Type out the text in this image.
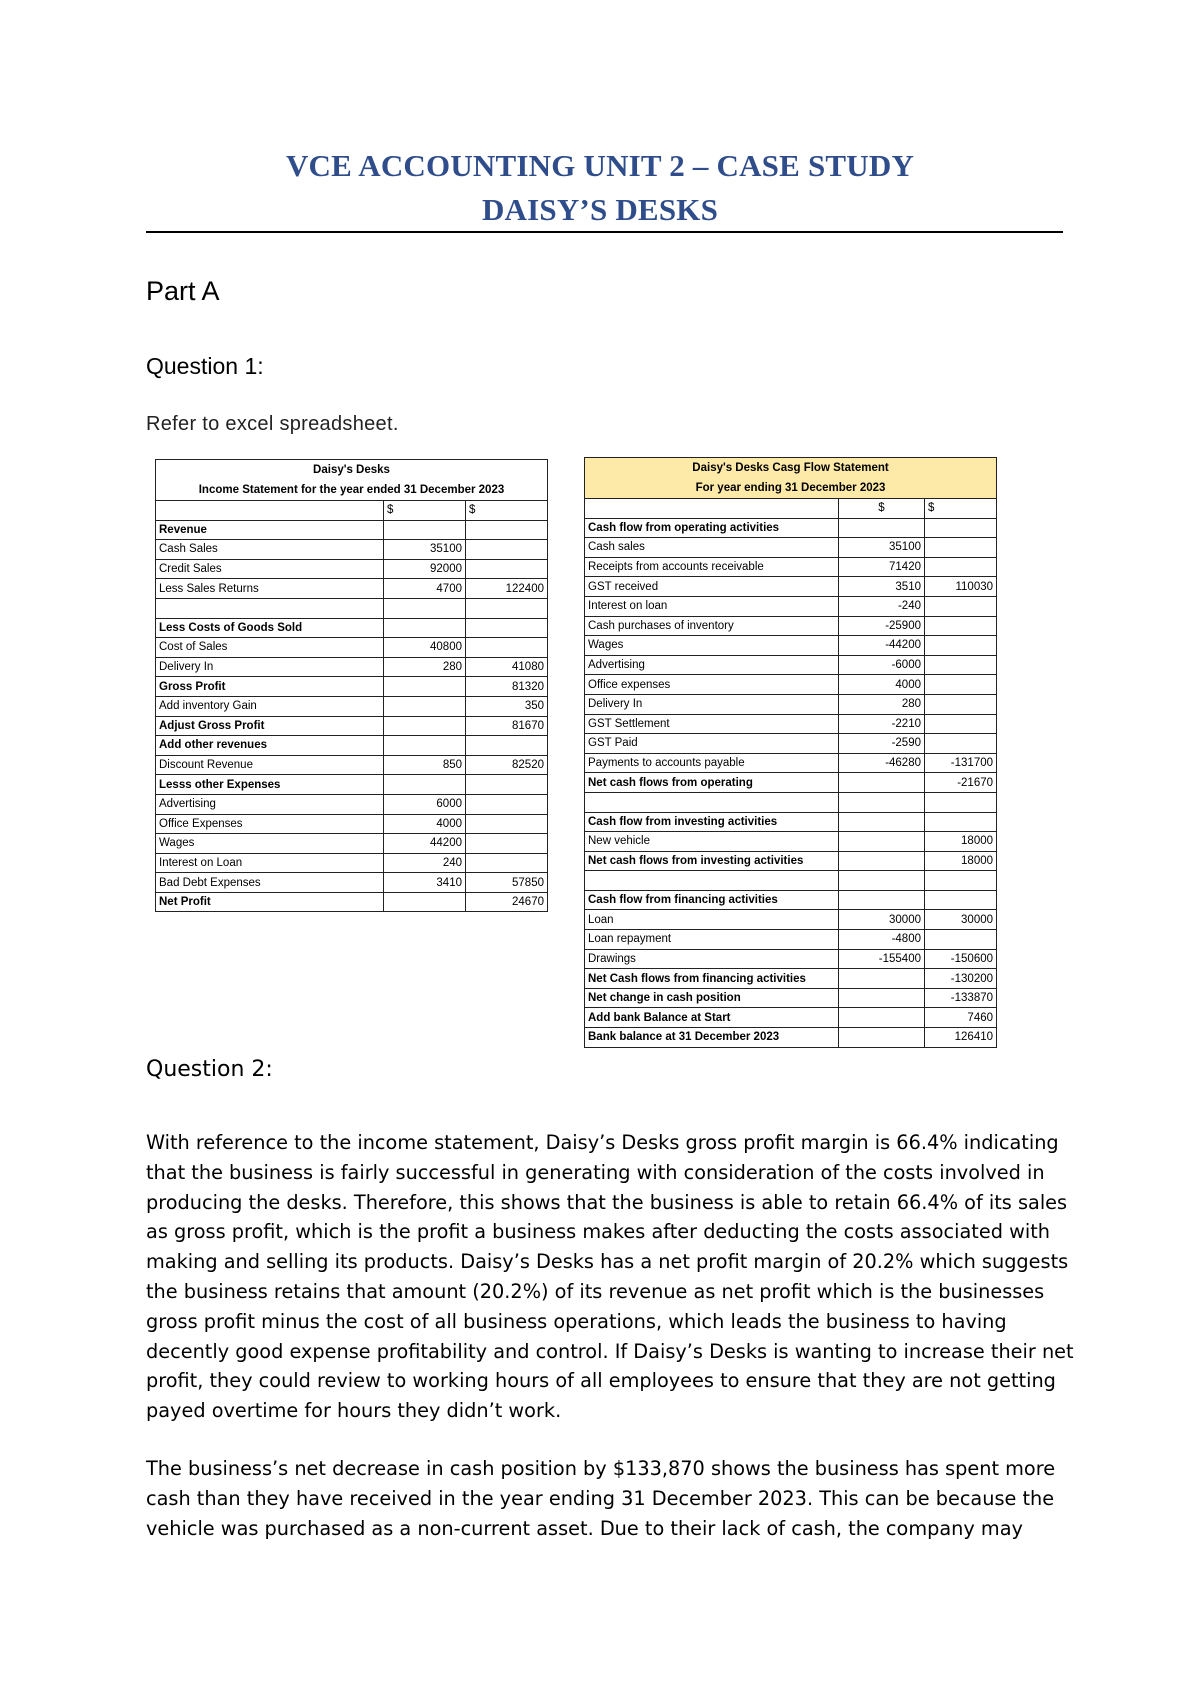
VCE ACCOUNTING UNIT 2 – CASE STUDY
DAISY’S DESKS
Part A
Question 1:
Refer to excel spreadsheet.
Daisy's Desks		
Income Statement for the year ended 31 December 2023		
	$	$
Revenue		
Cash Sales	35100	
Credit Sales	92000	
Less Sales Returns	4700	122400

Less Costs of Goods Sold		
Cost of Sales	40800	
Delivery In	280	41080
Gross Profit		81320
Add inventory Gain		350
Adjust Gross Profit		81670
Add other revenues		
Discount Revenue	850	82520
Lesss other Expenses		
Advertising	6000	
Office Expenses	4000	
Wages	44200	
Interest on Loan	240	
Bad Debt Expenses	3410	57850
Net Profit		24670
Daisy's Desks Casg Flow Statement		
For year ending 31 December 2023		
	$	$
Cash flow from operating activities		
Cash sales	35100	
Receipts from accounts receivable	71420	
GST received	3510	110030
Interest on loan	-240	
Cash purchases of inventory	-25900	
Wages	-44200	
Advertising	-6000	
Office expenses	4000	
Delivery In	280	
GST Settlement	-2210	
GST Paid	-2590	
Payments to accounts payable	-46280	-131700
Net cash flows from operating		-21670

Cash flow from investing activities		
New vehicle		18000
Net cash flows from investing activities		18000

Cash flow from financing activities		
Loan	30000	30000
Loan repayment	-4800	
Drawings	-155400	-150600
Net Cash flows from financing activities		-130200
Net change in cash position		-133870
Add bank Balance at Start		7460
Bank balance at 31 December 2023		126410
Question 2:
With reference to the income statement, Daisy’s Desks gross profit margin is 66.4% indicating that the business is fairly successful in generating with consideration of the costs involved in producing the desks. Therefore, this shows that the business is able to retain 66.4% of its sales as gross profit, which is the profit a business makes after deducting the costs associated with making and selling its products. Daisy’s Desks has a net profit margin of 20.2% which suggests the business retains that amount (20.2%) of its revenue as net profit which is the businesses gross profit minus the cost of all business operations, which leads the business to having decently good expense profitability and control. If Daisy’s Desks is wanting to increase their net profit, they could review to working hours of all employees to ensure that they are not getting payed overtime for hours they didn’t work.
The business’s net decrease in cash position by $133,870 shows the business has spent more cash than they have received in the year ending 31 December 2023. This can be because the vehicle was purchased as a non-current asset. Due to their lack of cash, the company may
